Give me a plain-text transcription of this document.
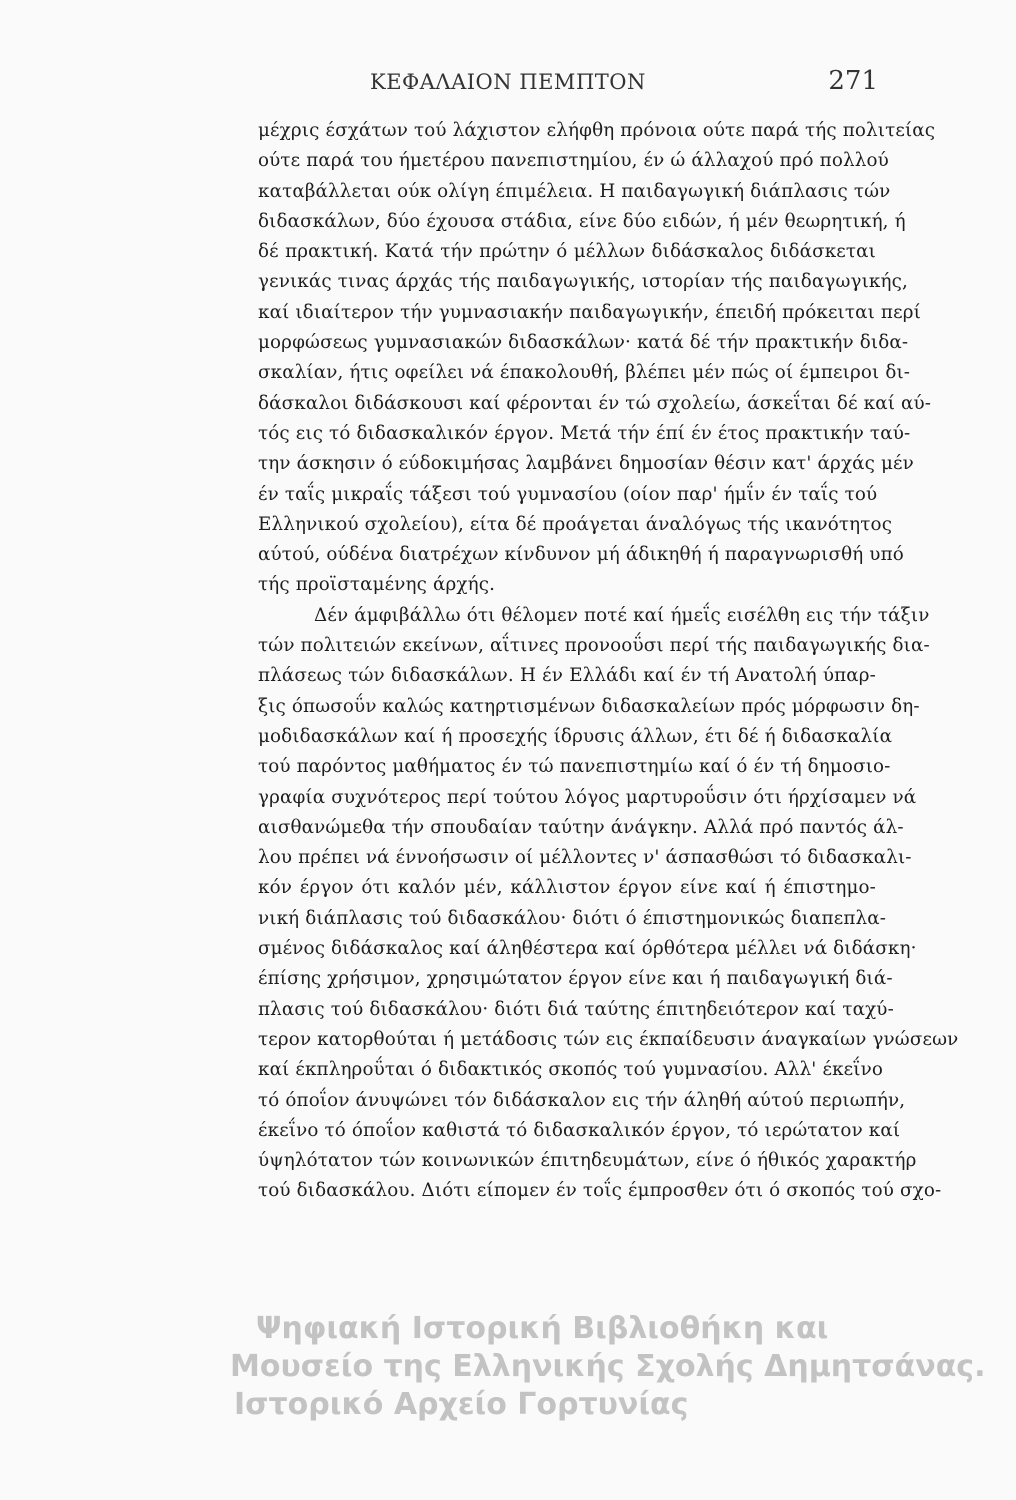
ΚΕΦΑΛΑΙΟΝ ΠΕΜΠΤΟΝ	271
μέχρις έσχάτων τού λάχιστον ελήφθη πρόνοια ούτε παρά τής πολιτείας
ούτε παρά του ήμετέρου πανεπιστημίου, έν ώ άλλαχού πρό πολλού
καταβάλλεται ούκ ολίγη έπιμέλεια. Η παιδαγωγική διάπλασις τών
διδασκάλων, δύο έχουσα στάδια, είνε δύο ειδών, ή μέν θεωρητική, ή
δέ πρακτική. Κατά τήν πρώτην ό μέλλων διδάσκαλος διδάσκεται
γενικάς τινας άρχάς τής παιδαγωγικής, ιστορίαν τής παιδαγωγικής,
καί ιδιαίτερον τήν γυμνασιακήν παιδαγωγικήν, έπειδή πρόκειται περί
μορφώσεως γυμνασιακών διδασκάλων· κατά δέ τήν πρακτικήν διδα-
σκαλίαν, ήτις οφείλει νά έπακολουθή, βλέπει μέν πώς οί έμπειροι δι-
δάσκαλοι διδάσκουσι καί φέρονται έν τώ σχολείω, άσκεΐται δέ καί αύ-
τός εις τό διδασκαλικόν έργον. Μετά τήν έπί έν έτος πρακτικήν ταύ-
την άσκησιν ό εύδοκιμήσας λαμβάνει δημοσίαν θέσιν κατ' άρχάς μέν
έν ταΐς μικραΐς τάξεσι τού γυμνασίου (οίον παρ' ήμΐν έν ταΐς τού
Ελληνικού σχολείου), είτα δέ προάγεται άναλόγως τής ικανότητος
αύτού, ούδένα διατρέχων κίνδυνον μή άδικηθή ή παραγνωρισθή υπό
τής προϊσταμένης άρχής.
Δέν άμφιβάλλω ότι θέλομεν ποτέ καί ήμεΐς εισέλθη εις τήν τάξιν
τών πολιτειών εκείνων, αΐτινες προνοοΰσι περί τής παιδαγωγικής δια-
πλάσεως τών διδασκάλων. Η έν Ελλάδι καί έν τή Ανατολή ύπαρ-
ξις όπωσοΰν καλώς κατηρτισμένων διδασκαλείων πρός μόρφωσιν δη-
μοδιδασκάλων καί ή προσεχής ίδρυσις άλλων, έτι δέ ή διδασκαλία
τού παρόντος μαθήματος έν τώ πανεπιστημίω καί ό έν τή δημοσιο-
γραφία συχνότερος περί τούτου λόγος μαρτυροΰσιν ότι ήρχίσαμεν νά
αισθανώμεθα τήν σπουδαίαν ταύτην άνάγκην. Αλλά πρό παντός άλ-
λου πρέπει νά έννοήσωσιν οί μέλλοντες ν' άσπασθώσι τό διδασκαλι-
κόν έργον ότι καλόν μέν, κάλλιστον έργον είνε καί ή έπιστημο-
νική διάπλασις τού διδασκάλου· διότι ό έπιστημονικώς διαπεπλα-
σμένος διδάσκαλος καί άληθέστερα καί όρθότερα μέλλει νά διδάσκη·
έπίσης χρήσιμον, χρησιμώτατον έργον είνε και ή παιδαγωγική διά-
πλασις τού διδασκάλου· διότι διά ταύτης έπιτηδειότερον καί ταχύ-
τερον κατορθούται ή μετάδοσις τών εις έκπαίδευσιν άναγκαίων γνώσεων
καί έκπληροΰται ό διδακτικός σκοπός τού γυμνασίου. Αλλ' έκεΐνο
τό όποΐον άνυψώνει τόν διδάσκαλον εις τήν άληθή αύτού περιωπήν,
έκεΐνο τό όποΐον καθιστά τό διδασκαλικόν έργον, τό ιερώτατον καί
ύψηλότατον τών κοινωνικών έπιτηδευμάτων, είνε ό ήθικός χαρακτήρ
τού διδασκάλου. Διότι είπομεν έν τοΐς έμπροσθεν ότι ό σκοπός τού σχο-
Ψηφιακή Ιστορική Βιβλιοθήκη και
Μουσείο της Ελληνικής Σχολής Δημητσάνας.
Ιστορικό Αρχείο Γορτυνίας
